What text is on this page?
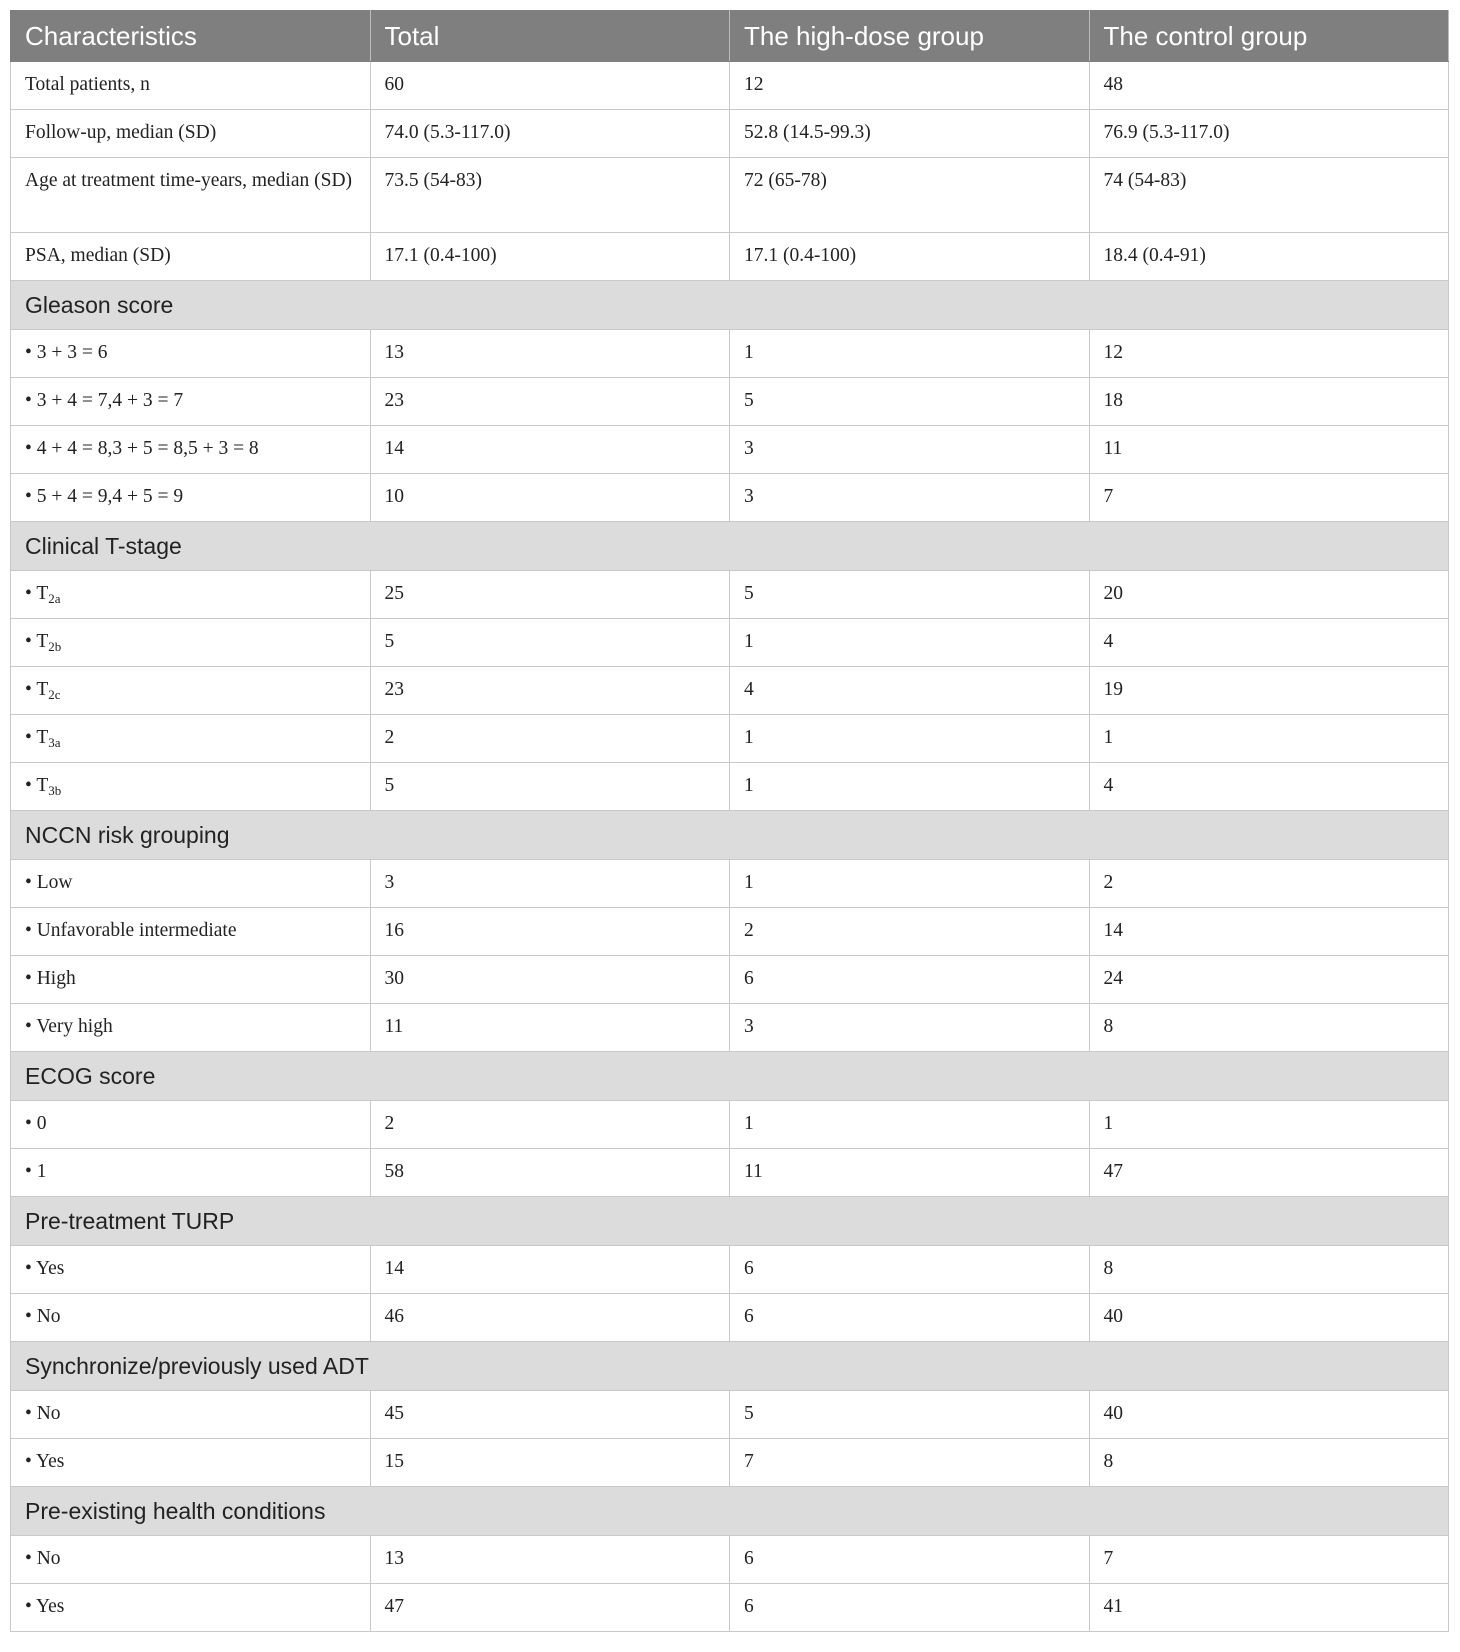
Characteristics	Total	The high-dose group	The control group
Total patients, n	60	12	48
Follow-up, median (SD)	74.0 (5.3-117.0)	52.8 (14.5-99.3)	76.9 (5.3-117.0)
Age at treatment time-years, median (SD)	73.5 (54-83)	72 (65-78)	74 (54-83)
PSA, median (SD)	17.1 (0.4-100)	17.1 (0.4-100)	18.4 (0.4-91)
Gleason score			
• 3 + 3 = 6	13	1	12
• 3 + 4 = 7,4 + 3 = 7	23	5	18
• 4 + 4 = 8,3 + 5 = 8,5 + 3 = 8	14	3	11
• 5 + 4 = 9,4 + 5 = 9	10	3	7
Clinical T-stage			
• $T_{2a}$	25	5	20
• $T_{2b}$	5	1	4
• $T_{2c}$	23	4	19
• $T_{3a}$	2	1	1
• $T_{3b}$	5	1	4
NCCN risk grouping			
• Low	3	1	2
• Unfavorable intermediate	16	2	14
• High	30	6	24
• Very high	11	3	8
ECOG score			
• 0	2	1	1
• 1	58	11	47
Pre-treatment TURP			
• Yes	14	6	8
• No	46	6	40
Synchronize/previously used ADT			
• No	45	5	40
• Yes	15	7	8
Pre-existing health conditions			
• No	13	6	7
• Yes	47	6	41
